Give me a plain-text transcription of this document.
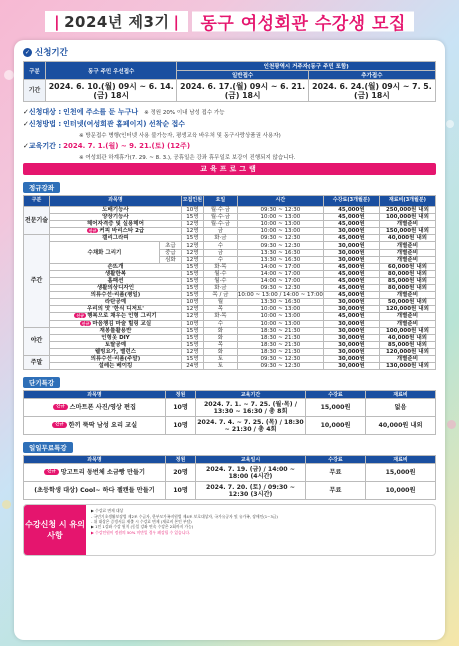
| 2024년 제3기 |	동구 여성회관 수강생 모집
✓ 신청기간
구분	동구 주민 우선접수	인천광역시 거주자(동구 주민 포함)	
		일반접수	추가접수
기간	2024. 6. 10.(월) 09시 ~ 6. 14.(금) 18시	2024. 6. 17.(월) 09시 ~ 6. 21.(금) 18시	2024. 6. 24.(월) 09시 ~ 7. 5.(금) 18시
✓ 신청대상 : 인천에 주소를 둔 누구나 ※ 정원 20% 이내 남성 접수 가능
✓ 신청방법 : 인터넷(여성회관 홈페이지) 선착순 접수
※ 방문접수 병행(인터넷 사용 불가능자, 평생교육 바우처 및 동구사랑상품권 사용자)
✓ 교육기간 : 2024. 7. 1.(월) ~ 9. 21.(토) (12주)
※ 여성회관 하계휴가(7. 29. ~ 8. 3.), 공휴일은 강좌 휴무일로 보강이 진행되지 않습니다.
교육프로그램
정규강좌
구분	과목명		모집인원	요일	시간	수강료(3개월분)	재료비(3개월분)
전문기술	도배기능사		10명	월·수·금	09:30 ~ 12:30	45,000원	250,000원 내외
	양장기능사		15명	월·수·금	10:00 ~ 13:00	45,000원	100,000원 내외
	헤어자격증 및 실용헤어		12명	월·수·금	10:00 ~ 13:00	45,000원	개별준비
	신규 커피 바리스타 2급		12명	금	10:00 ~ 13:00	30,000원	150,000원 내외
주간	캘리그라피		15명	화·금	09:30 ~ 12:30	45,000원	40,000원 내외
	수채화 그리기	초급	12명	수	09:30 ~ 12:30	30,000원	개별준비
		중급	12명	금	13:30 ~ 16:30	30,000원	개별준비
		심화	12명	수	13:30 ~ 16:30	30,000원	개별준비
	손뜨개		15명	화·목	14:00 ~ 17:00	45,000원	60,000원 내외
	생활한복		15명	월·수	14:00 ~ 17:00	45,000원	80,000원 내외
	홈패션		15명	월·수	14:00 ~ 17:00	45,000원	85,000원 내외
	생활의상디자인		15명	화·금	09:30 ~ 12:30	45,000원	80,000원 내외
	의류수선·리폼(평일)		15명	목 / 금	10:00 ~ 13:00 / 14:00 ~ 17:00	45,000원	개별준비
	라탄공예		10명	월	13:30 ~ 16:30	30,000원	50,000원 내외
	우리의 맛 '한식 디저트'		12명	목	10:00 ~ 13:00	30,000원	120,000원 내외
	신규 행복으로 채우는 인형 그리기		12명	화·목	10:00 ~ 13:00	45,000원	개별준비
	신규 마음챙김 마술 힐링 교실		10명	수	10:00 ~ 13:00	30,000원	개별준비
야간	재봉틀활용반		15명	화	18:30 ~ 21:30	30,000원	100,000원 내외
	인형옷 DIY		15명	화	18:30 ~ 21:30	30,000원	40,000원 내외
	토탈공예		15명	목	18:30 ~ 21:30	30,000원	85,000원 내외
	웰빙요가, 밸런스		12명	화	18:30 ~ 21:30	30,000원	120,000원 내외
주말	의류수선·리폼(주말)		15명	토	09:30 ~ 12:30	30,000원	개별준비
	설레는 베이킹		24명	토	09:30 ~ 12:30	30,000원	130,000원 내외
단기특강
과목명	정원	교육기간	수강료	재료비
신규 스마트폰 사진/영상 편집	10명	2024. 7. 1. ~ 7. 25. (월·목) / 13:30 ~ 16:30 / 총 8회	15,000원	없음
신규 한끼 뚝딱 남성 요리 교실	10명	2024. 7. 4. ~ 7. 25. (목) / 18:30 ~ 21:30 / 총 4회	10,000원	40,000원 내외
일일무료특강
과목명	정원	교육일시	수강료	재료비
신규 망고트리 동번체 소금빵 만들기	20명	2024. 7. 19. (금) / 14:00 ~ 18:00 (4시간)	무료	15,000원
(초등학생 대상) Cool~ 하다 젤캔들 만들기	10명	2024. 7. 20. (토) / 09:30 ~ 12:30 (3시간)	무료	10,000원
수강신청 시 유의사항
▶ 수강료 면제 대상
- 국민기초생활보장법 제2조 수급자, 한부모가족지원법 제4조 보호대상자, 국가유공자 및 유가족, 장애인(1~3급)
- 위 대상은 증빙서류 제출 시 수강료 면제 (재료비 본인 부담)
▶ 1인 1강좌 수강 원칙 (동일 강좌 연속 수강은 2회까지 가능)
▶ 수강인원이 정원의 50% 미만일 경우 폐강될 수 있습니다.
